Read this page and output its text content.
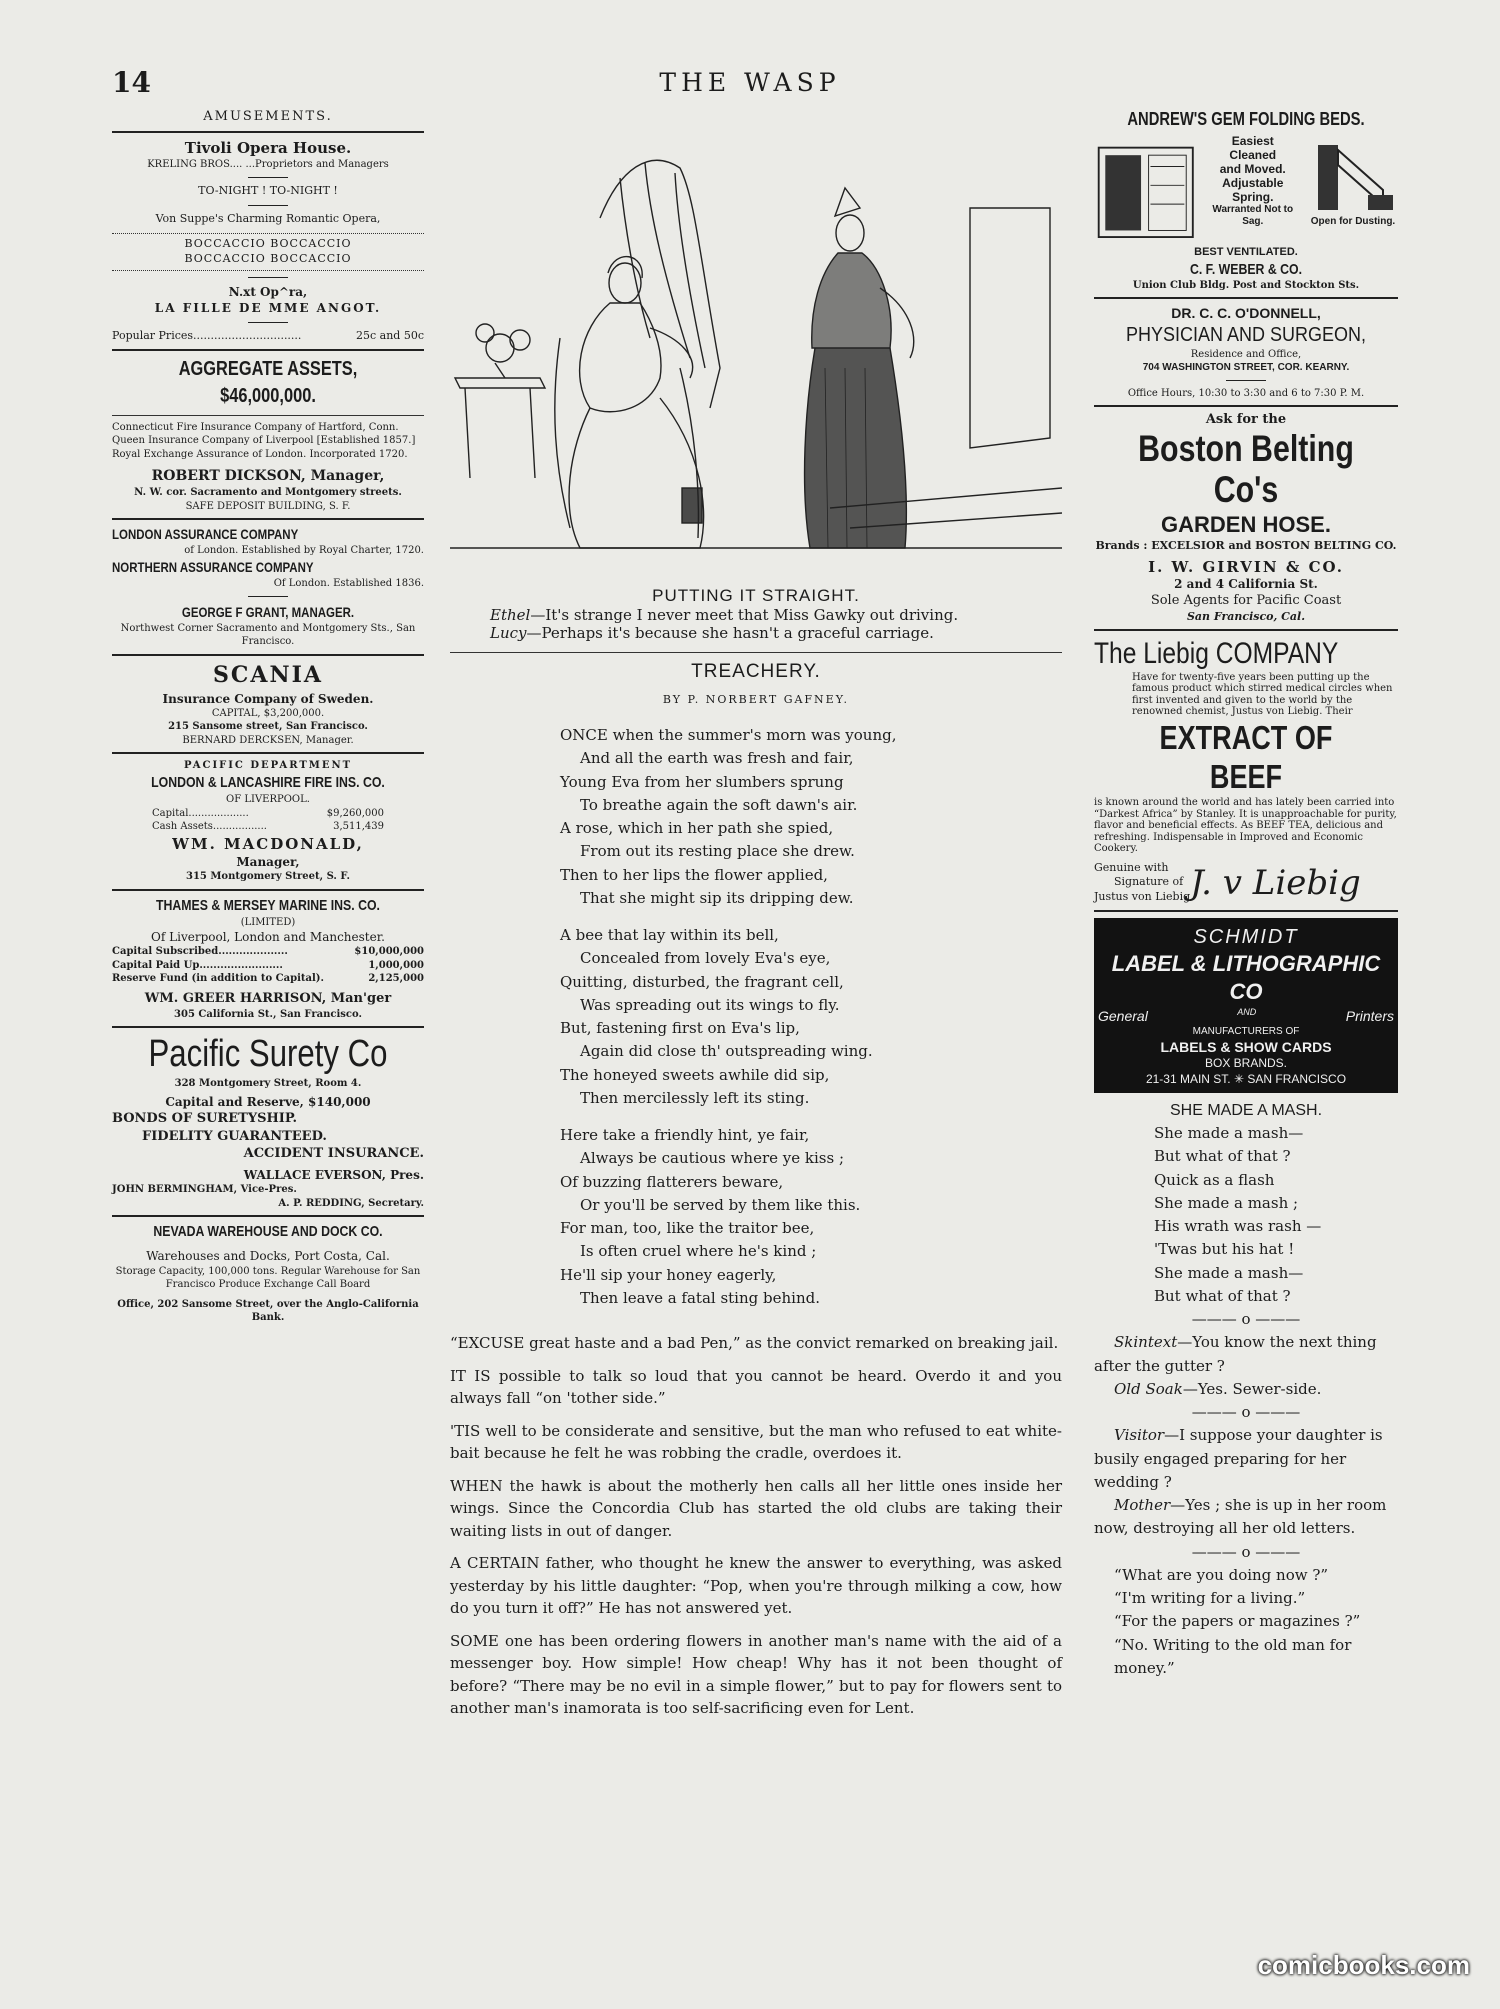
14	THE WASP
AMUSEMENTS.
Tivoli Opera House.
KRELING BROS.... ...Proprietors and Managers
TO-NIGHT ! TO-NIGHT !
Von Suppe's Charming Romantic Opera,
BOCCACCIO BOCCACCIO
BOCCACCIO BOCCACCIO
N.xt Op^ra,
LA FILLE DE MME ANGOT.
Popular Prices...............................	25c and 50c
AGGREGATE ASSETS, $46,000,000.
Connecticut Fire Insurance Company of Hartford, Conn.
Queen Insurance Company of Liverpool [Established 1857.]
Royal Exchange Assurance of London. Incorporated 1720.
ROBERT DICKSON, Manager,
N. W. cor. Sacramento and Montgomery streets.
SAFE DEPOSIT BUILDING, S. F.
LONDON ASSURANCE COMPANY
of London. Established by Royal Charter, 1720.
NORTHERN ASSURANCE COMPANY
Of London. Established 1836.
GEORGE F GRANT, MANAGER.
Northwest Corner Sacramento and Montgomery Sts., San Francisco.
SCANIA
Insurance Company of Sweden.
CAPITAL, $3,200,000.
215 Sansome street, San Francisco.
BERNARD DERCKSEN, Manager.
PACIFIC DEPARTMENT
LONDON & LANCASHIRE FIRE INS. CO.
OF LIVERPOOL.
Capital...................	$9,260,000
Cash Assets.................	3,511,439
WM. MACDONALD,
Manager,
315 Montgomery Street, S. F.
THAMES & MERSEY MARINE INS. CO.
(LIMITED)
Of Liverpool, London and Manchester.
Capital Subscribed....................	$10,000,000
Capital Paid Up........................	1,000,000
Reserve Fund (in addition to Capital).	2,125,000
WM. GREER HARRISON, Man'ger
305 California St., San Francisco.
Pacific Surety Co
328 Montgomery Street, Room 4.
Capital and Reserve, $140,000
BONDS OF SURETYSHIP.
FIDELITY GUARANTEED.
ACCIDENT INSURANCE.
WALLACE EVERSON, Pres.
JOHN BERMINGHAM, Vice-Pres.
A. P. REDDING, Secretary.
NEVADA WAREHOUSE AND DOCK CO.
Warehouses and Docks, Port Costa, Cal.
Storage Capacity, 100,000 tons. Regular Warehouse for San Francisco Produce Exchange Call Board
Office, 202 Sansome Street, over the Anglo-California Bank.
PUTTING IT STRAIGHT.
Ethel—It's strange I never meet that Miss Gawky out driving.
Lucy—Perhaps it's because she hasn't a graceful carriage.
TREACHERY.
BY P. NORBERT GAFNEY.
ONCE when the summer's morn was young,
And all the earth was fresh and fair,
Young Eva from her slumbers sprung
To breathe again the soft dawn's air.
A rose, which in her path she spied,
From out its resting place she drew.
Then to her lips the flower applied,
That she might sip its dripping dew.
A bee that lay within its bell,
Concealed from lovely Eva's eye,
Quitting, disturbed, the fragrant cell,
Was spreading out its wings to fly.
But, fastening first on Eva's lip,
Again did close th' outspreading wing.
The honeyed sweets awhile did sip,
Then mercilessly left its sting.
Here take a friendly hint, ye fair,
Always be cautious where ye kiss ;
Of buzzing flatterers beware,
Or you'll be served by them like this.
For man, too, like the traitor bee,
Is often cruel where he's kind ;
He'll sip your honey eagerly,
Then leave a fatal sting behind.

“EXCUSE great haste and a bad Pen,” as the convict remarked on breaking jail.

IT IS possible to talk so loud that you cannot be heard. Overdo it and you always fall “on 'tother side.”

'TIS well to be considerate and sensitive, but the man who refused to eat white-bait because he felt he was robbing the cradle, overdoes it.

WHEN the hawk is about the motherly hen calls all her little ones inside her wings. Since the Concordia Club has started the old clubs are taking their waiting lists in out of danger.

A CERTAIN father, who thought he knew the answer to everything, was asked yesterday by his little daughter: “Pop, when you're through milking a cow, how do you turn it off?” He has not answered yet.

SOME one has been ordering flowers in another man's name with the aid of a messenger boy. How simple! How cheap! Why has it not been thought of before? “There may be no evil in a simple flower,” but to pay for flowers sent to another man's inamorata is too self-sacrificing even for Lent.

ANDREW'S GEM FOLDING BEDS.
Easiest
Cleaned
and Moved.
Adjustable
Spring.
Warranted Not to Sag.	Open for Dusting.
BEST VENTILATED.
C. F. WEBER & CO.
Union Club Bldg. Post and Stockton Sts.
DR. C. C. O'DONNELL,
PHYSICIAN AND SURGEON,
Residence and Office,
704 WASHINGTON STREET, COR. KEARNY.
Office Hours, 10:30 to 3:30 and 6 to 7:30 P. M.
Ask for the
Boston Belting Co's
GARDEN HOSE.
Brands : EXCELSIOR and BOSTON BELTING CO.
I. W. GIRVIN & CO.
2 and 4 California St.
Sole Agents for Pacific Coast
San Francisco, Cal.
The Liebig COMPANY
Have for twenty-five years been putting up the famous product which stirred medical circles when first invented and given to the world by the renowned chemist, Justus von Liebig. Their
EXTRACT OF BEEF
is known around the world and has lately been carried into “Darkest Africa” by Stanley. It is unapproachable for purity, flavor and beneficial effects. As BEEF TEA, delicious and refreshing. Indispensable in Improved and Economic Cookery.
Genuine with
Signature of
Justus von Liebig J. v Liebig
SCHMIDT
LABEL & LITHOGRAPHIC CO
General	AND	Printers
MANUFACTURERS OF
LABELS & SHOW CARDS
BOX BRANDS.
21-31 MAIN ST. ✳ SAN FRANCISCO
SHE MADE A MASH.
She made a mash—
But what of that ?
Quick as a flash
She made a mash ;
His wrath was rash —
'Twas but his hat !
She made a mash—
But what of that ?
——— o ———
Skintext—You know the next thing after the gutter ?
Old Soak—Yes. Sewer-side.
——— o ———
Visitor—I suppose your daughter is busily engaged preparing for her wedding ?
Mother—Yes ; she is up in her room now, destroying all her old letters.
——— o ———
“What are you doing now ?”
“I'm writing for a living.”
“For the papers or magazines ?”
“No. Writing to the old man for money.”
comicbooks.com
